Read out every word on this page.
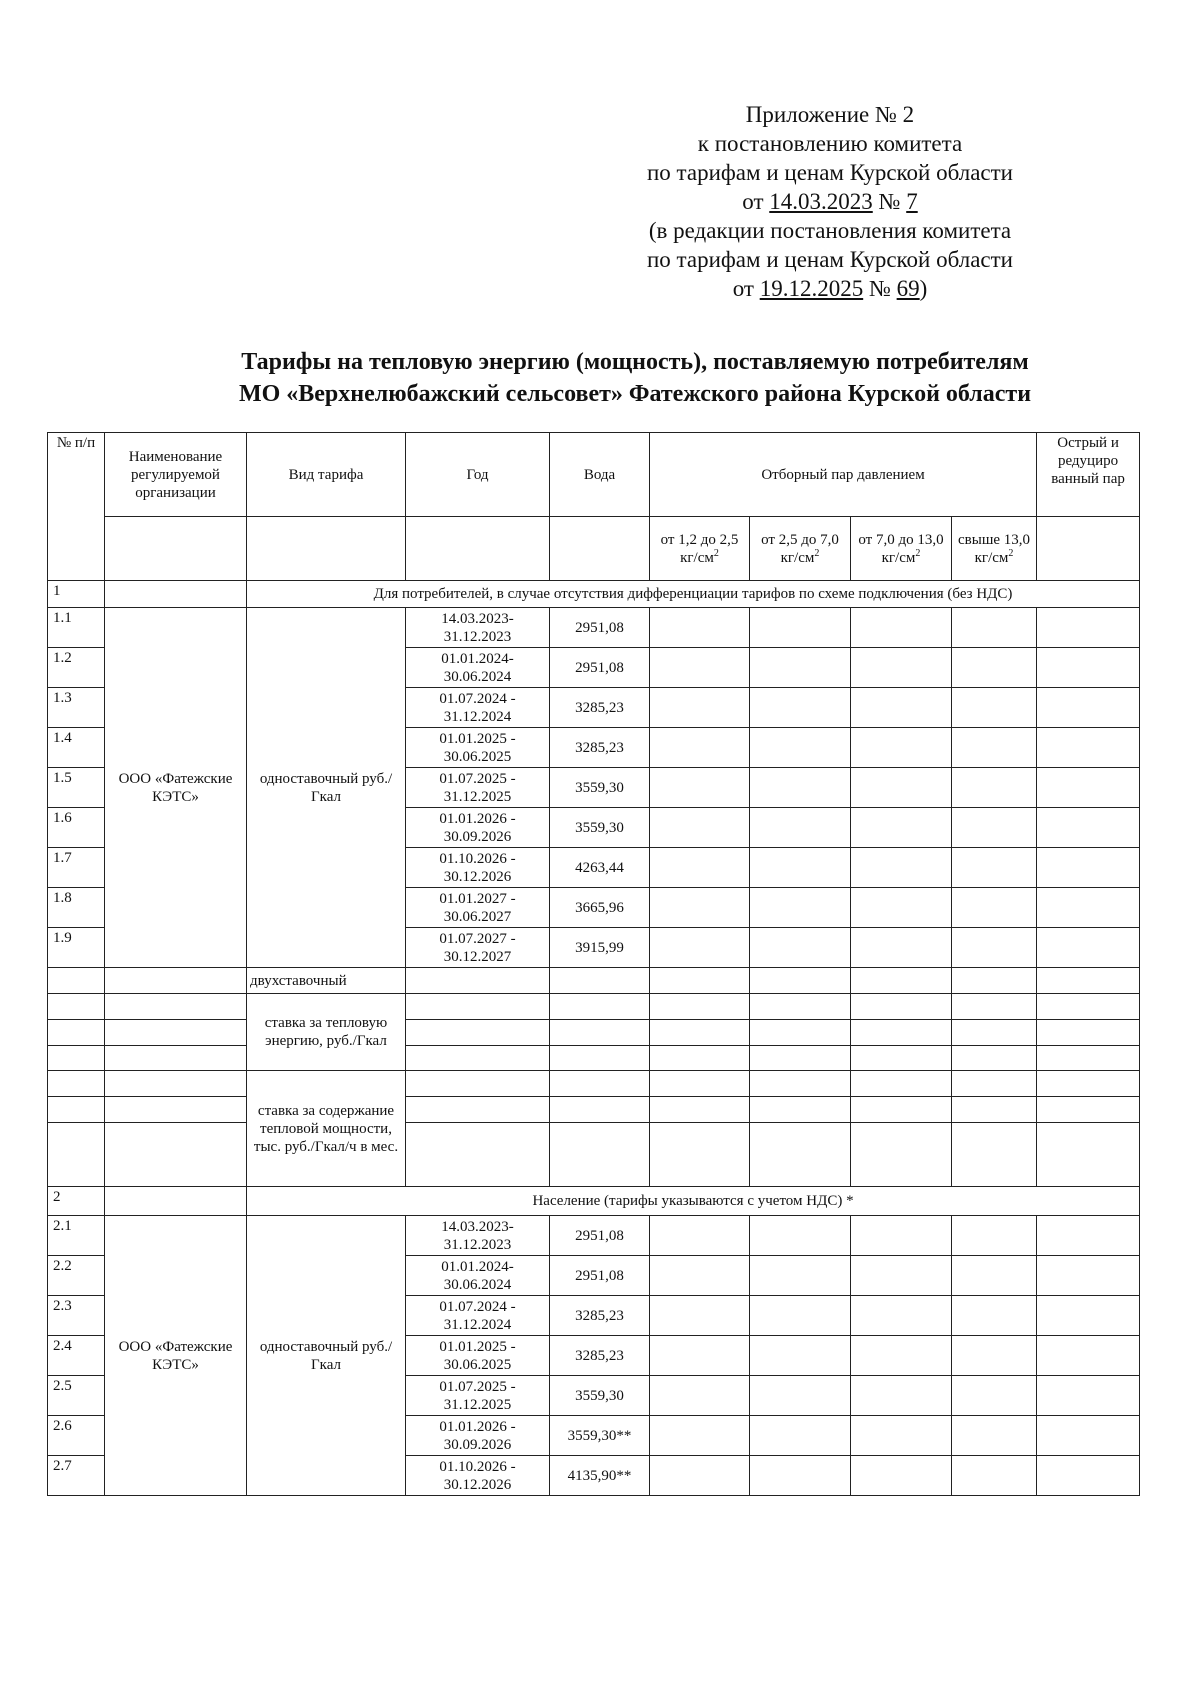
Приложение № 2
к постановлению комитета
по тарифам и ценам Курской области
от 14.03.2023 № 7
(в редакции постановления комитета
по тарифам и ценам Курской области
от 19.12.2025 № 69)
Тарифы на тепловую энергию (мощность), поставляемую потребителям
МО «Верхнелюбажский сельсовет» Фатежского района Курской области
№ п/п	Наименование регулируемой организации	Вид тарифа	Год	Вода	Отборный пар давлением				Острый и редуциро ванный пар
					от 1,2 до 2,5 $кг/см^2$	от 2,5 до 7,0 $кг/см^2$	от 7,0 до 13,0 $кг/см^2$	свыше 13,0 $кг/см^2$	
1		Для потребителей, в случае отсутствия дифференциации тарифов по схеме подключения (без НДС)							
1.1	ООО «Фатежские КЭТС»	одноставочный руб./Гкал	14.03.2023-31.12.2023	2951,08					
1.2			01.01.2024-30.06.2024	2951,08					
1.3			01.07.2024 - 31.12.2024	3285,23					
1.4			01.01.2025 - 30.06.2025	3285,23					
1.5			01.07.2025 - 31.12.2025	3559,30					
1.6			01.01.2026 - 30.09.2026	3559,30					
1.7			01.10.2026 - 30.12.2026	4263,44					
1.8			01.01.2027 - 30.06.2027	3665,96					
1.9			01.07.2027 - 30.12.2027	3915,99					
		двухставочный							
		ставка за тепловую энергию, руб./Гкал							

		ставка за содержание тепловой мощности, тыс. руб./Гкал/ч в мес.							

2		Население (тарифы указываются с учетом НДС) *							
2.1	ООО «Фатежские КЭТС»	одноставочный руб./Гкал	14.03.2023-31.12.2023	2951,08					
2.2			01.01.2024-30.06.2024	2951,08					
2.3			01.07.2024 - 31.12.2024	3285,23					
2.4			01.01.2025 - 30.06.2025	3285,23					
2.5			01.07.2025 - 31.12.2025	3559,30					
2.6			01.01.2026 - 30.09.2026	3559,30**					
2.7			01.10.2026 - 30.12.2026	4135,90**					
